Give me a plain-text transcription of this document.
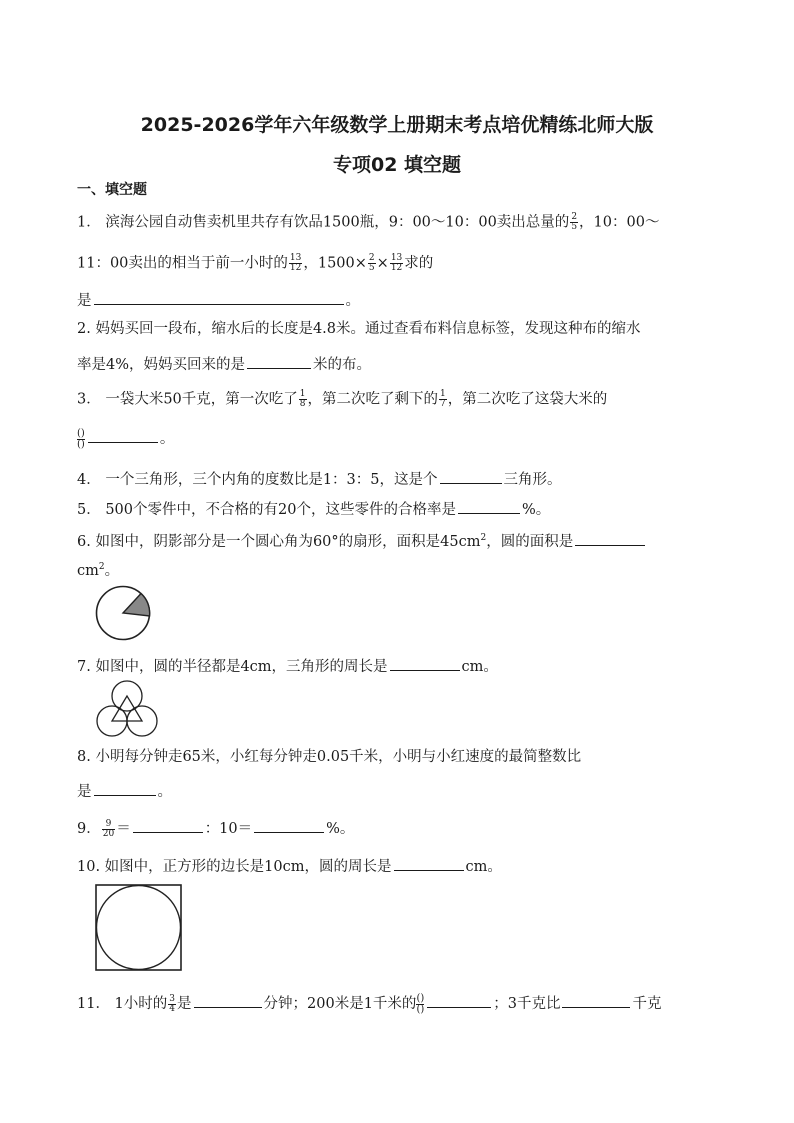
2025-2026学年六年级数学上册期末考点培优精练北师大版
专项02 填空题
一、填空题
1． 滨海公园自动售卖机里共存有饮品1500瓶，9：00～10：00卖出总量的 $\frac{2}{5}$ ，10：00～
11：00卖出的相当于前一小时的 $\frac{13}{12}$ ，$1500\times \frac{2}{5} \times \frac{13}{12}$ 求的
是	。
2. 妈妈买回一段布，缩水后的长度是4.8米。通过查看布料信息标签，发现这种布的缩水
率是4%，妈妈买回来的是	米的布。
3． 一袋大米50千克，第一次吃了 $\frac{1}{8}$ ，第二次吃了剩下的 $\frac{1}{7}$ ，第二次吃了这袋大米的
()
()	。
4． 一个三角形，三个内角的度数比是1：3：5，这是个	三角形。
5． 500个零件中，不合格的有20个，这些零件的合格率是	%。
6. 如图中，阴影部分是一个圆心角为60°的扇形，面积是$45cm^2$，圆的面积是
$cm^2$。
7. 如图中，圆的半径都是4cm，三角形的周长是	cm。
8. 小明每分钟走65米，小红每分钟走0.05千米，小明与小红速度的最简整数比
是	。
9． $\frac{9}{20}$ ＝	：10＝	%。
10. 如图中，正方形的边长是10cm，圆的周长是	cm。
11． 1小时的 $\frac{3}{4}$ 是	分钟；200米是1千米的 ()
()	；3千克比	千克
